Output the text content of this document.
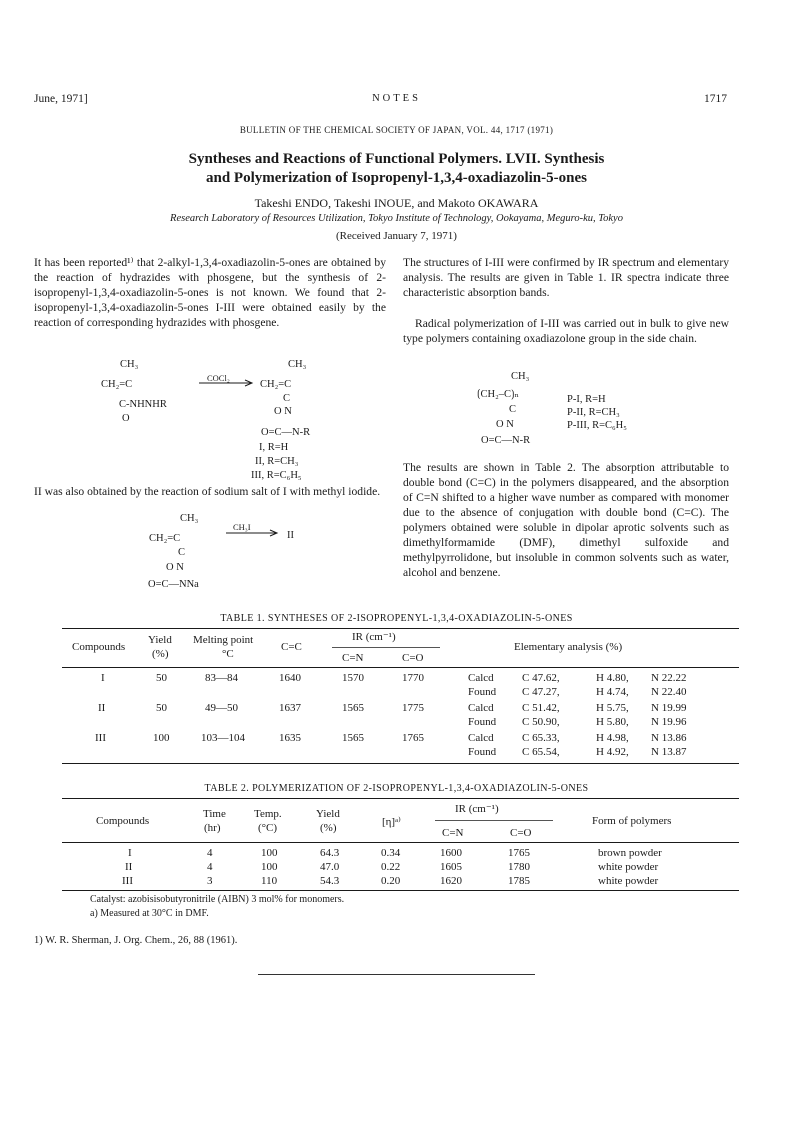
June, 1971]	NOTES	1717
BULLETIN OF THE CHEMICAL SOCIETY OF JAPAN, VOL. 44, 1717 (1971)
Syntheses and Reactions of Functional Polymers. LVII. Synthesis
and Polymerization of Isopropenyl-1,3,4-oxadiazolin-5-ones
Takeshi ENDO, Takeshi INOUE, and Makoto OKAWARA
Research Laboratory of Resources Utilization, Tokyo Institute of Technology, Ookayama, Meguro-ku, Tokyo
(Received January 7, 1971)

It has been reported¹⁾ that 2-alkyl-1,3,4-oxadiazolin-5-ones are obtained by the reaction of hydrazides with phosgene, but the synthesis of 2-isopropenyl-1,3,4-oxadiazolin-5-ones is not known. We found that 2-isopropenyl-1,3,4-oxadiazolin-5-ones I-III were obtained easily by the reaction of corresponding hydrazides with phosgene.

CH₃
CH₂=C
C-NHNHR
O
COCl₂
CH₃
CH₂=C
C
O N
O=C—N-R
I, R=H
II, R=CH₃
III, R=C₆H₅

II was also obtained by the reaction of sodium salt of I with methyl iodide.

CH₃
CH₂=C
C
O N
O=C—NNa
CH₃I
II

The structures of I-III were confirmed by IR spectrum and elementary analysis. The results are given in Table 1. IR spectra indicate three characteristic absorption bands.

Radical polymerization of I-III was carried out in bulk to give new type polymers containing oxadiazolone group in the side chain.

CH₃
⟮CH₂–C⟯ₙ
C
O N
O=C—N-R
P-I, R=H
P-II, R=CH₃
P-III, R=C₆H₅

The results are shown in Table 2. The absorption attributable to double bond (C=C) in the polymers disappeared, and the absorption of C=N shifted to a higher wave number as compared with monomer due to the absence of conjugation with double bond (C=C). The polymers obtained were soluble in dipolar aprotic solvents such as dimethylformamide (DMF), dimethyl sulfoxide and methylpyrrolidone, but insoluble in common solvents such as water, alcohol and benzene.

TABLE 1. SYNTHESES OF 2-ISOPROPENYL-1,3,4-OXADIAZOLIN-5-ONES
Compounds
Yield
(%)
Melting point
°C
C=C
IR (cm⁻¹)
C=N	C=O
Elementary analysis (%)
I	50	83—84	1640	1570	1770	Calcd	C 47.62,	H 4.80, N 22.22
Found C 47.27,	H 4.74, N 22.40
II	50	49—50	1637	1565	1775	Calcd	C 51.42,	H 5.75, N 19.99
Found C 50.90,	H 5.80, N 19.96
III	100	103—104	1635	1565	1765	Calcd	C 65.33,	H 4.98, N 13.86
Found C 65.54,	H 4.92, N 13.87
TABLE 2. POLYMERIZATION OF 2-ISOPROPENYL-1,3,4-OXADIAZOLIN-5-ONES
Compounds
Time
(hr)
Temp.
(°C)
Yield
(%)	[η]ᵃ⁾
IR (cm⁻¹)
C=N	C=O
Form of polymers
I	4	100	64.3	0.34	1600	1765	brown powder
II	4	100	47.0	0.22	1605	1780	white powder
III	3	110	54.3	0.20	1620	1785	white powder
Catalyst: azobisisobutyronitrile (AIBN) 3 mol% for monomers.
a) Measured at 30°C in DMF.
1) W. R. Sherman, J. Org. Chem., 26, 88 (1961).
